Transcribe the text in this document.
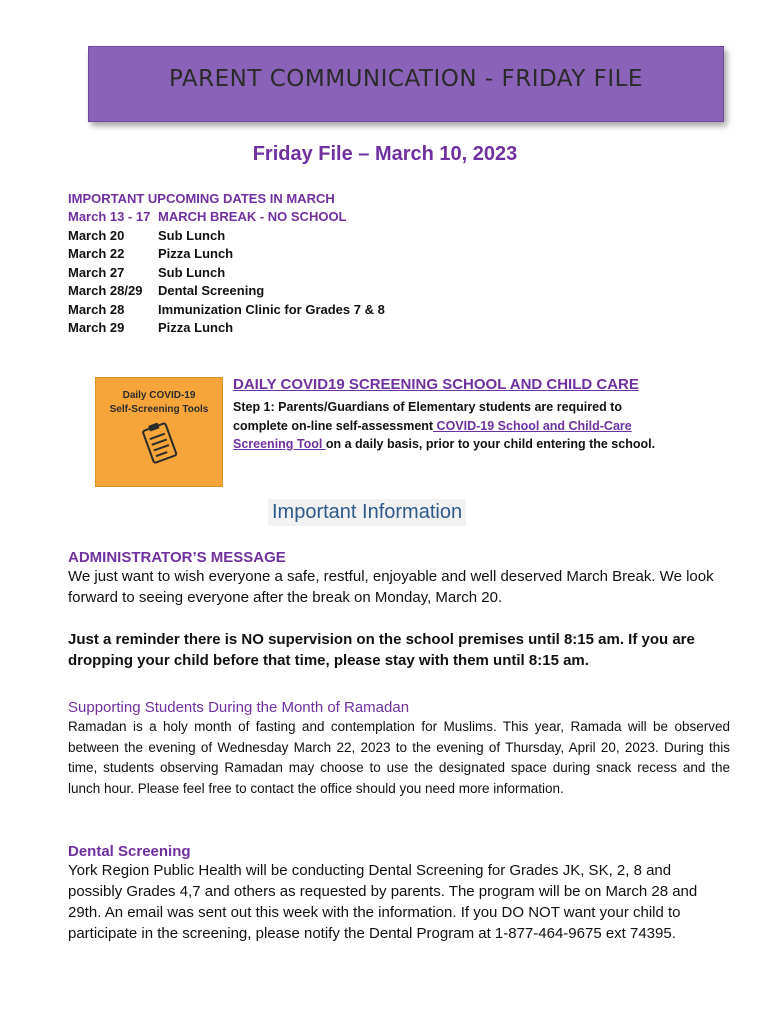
PARENT COMMUNICATION - FRIDAY FILE
Friday File – March 10, 2023
IMPORTANT UPCOMING DATES IN MARCH
March 13 - 17 MARCH BREAK - NO SCHOOL
March 20	Sub Lunch
March 22	Pizza Lunch
March 27	Sub Lunch
March 28/29	Dental Screening
March 28	Immunization Clinic for Grades 7 & 8
March 29	Pizza Lunch
Daily COVID-19
Self-Screening Tools
DAILY COVID19 SCREENING SCHOOL AND CHILD CARE
Step 1: Parents/Guardians of Elementary students are required to complete on-line self-assessment COVID-19 School and Child-Care Screening Tool on a daily basis, prior to your child entering the school.
Important Information
ADMINISTRATOR’S MESSAGE
We just want to wish everyone a safe, restful, enjoyable and well deserved March Break. We look forward to seeing everyone after the break on Monday, March 20.
Just a reminder there is NO supervision on the school premises until 8:15 am. If you are dropping your child before that time, please stay with them until 8:15 am.
Supporting Students During the Month of Ramadan
Ramadan is a holy month of fasting and contemplation for Muslims. This year, Ramada will be observed between the evening of Wednesday March 22, 2023 to the evening of Thursday, April 20, 2023. During this time, students observing Ramadan may choose to use the designated space during snack recess and the lunch hour. Please feel free to contact the office should you need more information.
Dental Screening
York Region Public Health will be conducting Dental Screening for Grades JK, SK, 2, 8 and possibly Grades 4,7 and others as requested by parents. The program will be on March 28 and 29th. An email was sent out this week with the information. If you DO NOT want your child to participate in the screening, please notify the Dental Program at 1-877-464-9675 ext 74395.
